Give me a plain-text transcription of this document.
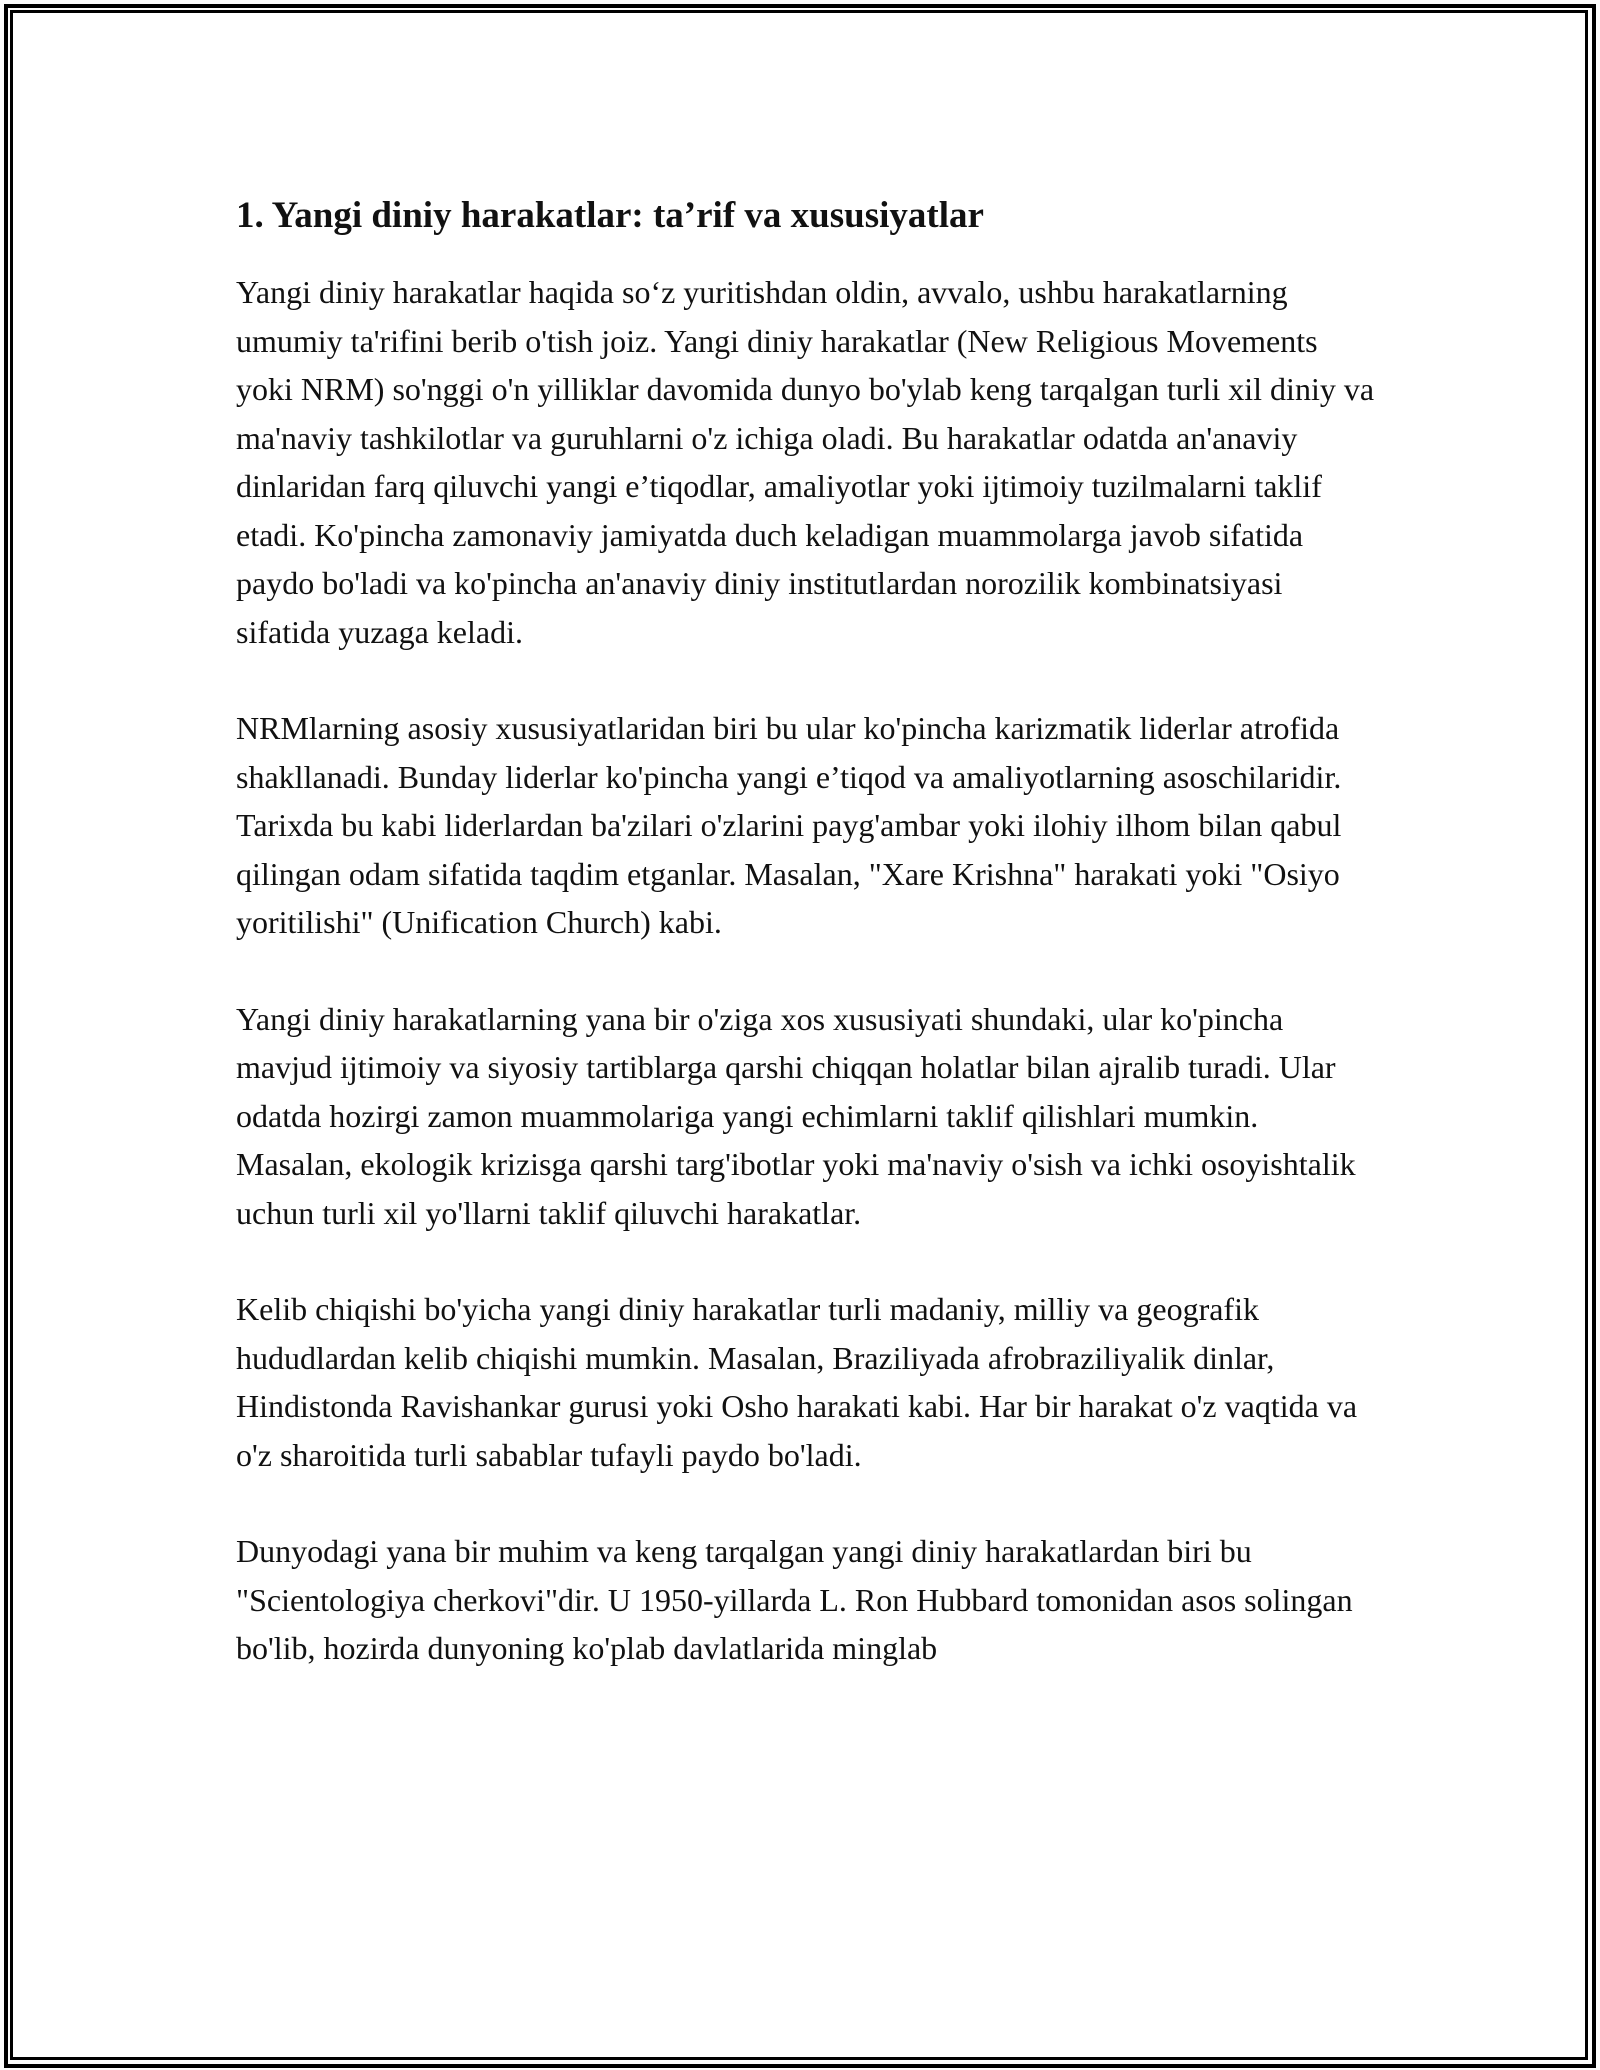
1. Yangi diniy harakatlar: ta’rif va xususiyatlar

Yangi diniy harakatlar haqida so‘z yuritishdan oldin, avvalo, ushbu harakatlarning umumiy ta'rifini berib o'tish joiz. Yangi diniy harakatlar (New Religious Movements yoki NRM) so'nggi o'n yilliklar davomida dunyo bo'ylab keng tarqalgan turli xil diniy va ma'naviy tashkilotlar va guruhlarni o'z ichiga oladi. Bu harakatlar odatda an'anaviy dinlaridan farq qiluvchi yangi e’tiqodlar, amaliyotlar yoki ijtimoiy tuzilmalarni taklif etadi. Ko'pincha zamonaviy jamiyatda duch keladigan muammolarga javob sifatida paydo bo'ladi va ko'pincha an'anaviy diniy institutlardan norozilik kombinatsiyasi sifatida yuzaga keladi.

NRMlarning asosiy xususiyatlaridan biri bu ular ko'pincha karizmatik liderlar atrofida shakllanadi. Bunday liderlar ko'pincha yangi e’tiqod va amaliyotlarning asoschilaridir. Tarixda bu kabi liderlardan ba'zilari o'zlarini payg'ambar yoki ilohiy ilhom bilan qabul qilingan odam sifatida taqdim etganlar. Masalan, "Xare Krishna" harakati yoki "Osiyo yoritilishi" (Unification Church) kabi.

Yangi diniy harakatlarning yana bir o'ziga xos xususiyati shundaki, ular ko'pincha mavjud ijtimoiy va siyosiy tartiblarga qarshi chiqqan holatlar bilan ajralib turadi. Ular odatda hozirgi zamon muammolariga yangi echimlarni taklif qilishlari mumkin. Masalan, ekologik krizisga qarshi targ'ibotlar yoki ma'naviy o'sish va ichki osoyishtalik uchun turli xil yo'llarni taklif qiluvchi harakatlar.

Kelib chiqishi bo'yicha yangi diniy harakatlar turli madaniy, milliy va geografik hududlardan kelib chiqishi mumkin. Masalan, Braziliyada afrobraziliyalik dinlar, Hindistonda Ravishankar gurusi yoki Osho harakati kabi. Har bir harakat o'z vaqtida va o'z sharoitida turli sabablar tufayli paydo bo'ladi.

Dunyodagi yana bir muhim va keng tarqalgan yangi diniy harakatlardan biri bu "Scientologiya cherkovi"dir. U 1950-yillarda L. Ron Hubbard tomonidan asos solingan bo'lib, hozirda dunyoning ko'plab davlatlarida minglab
